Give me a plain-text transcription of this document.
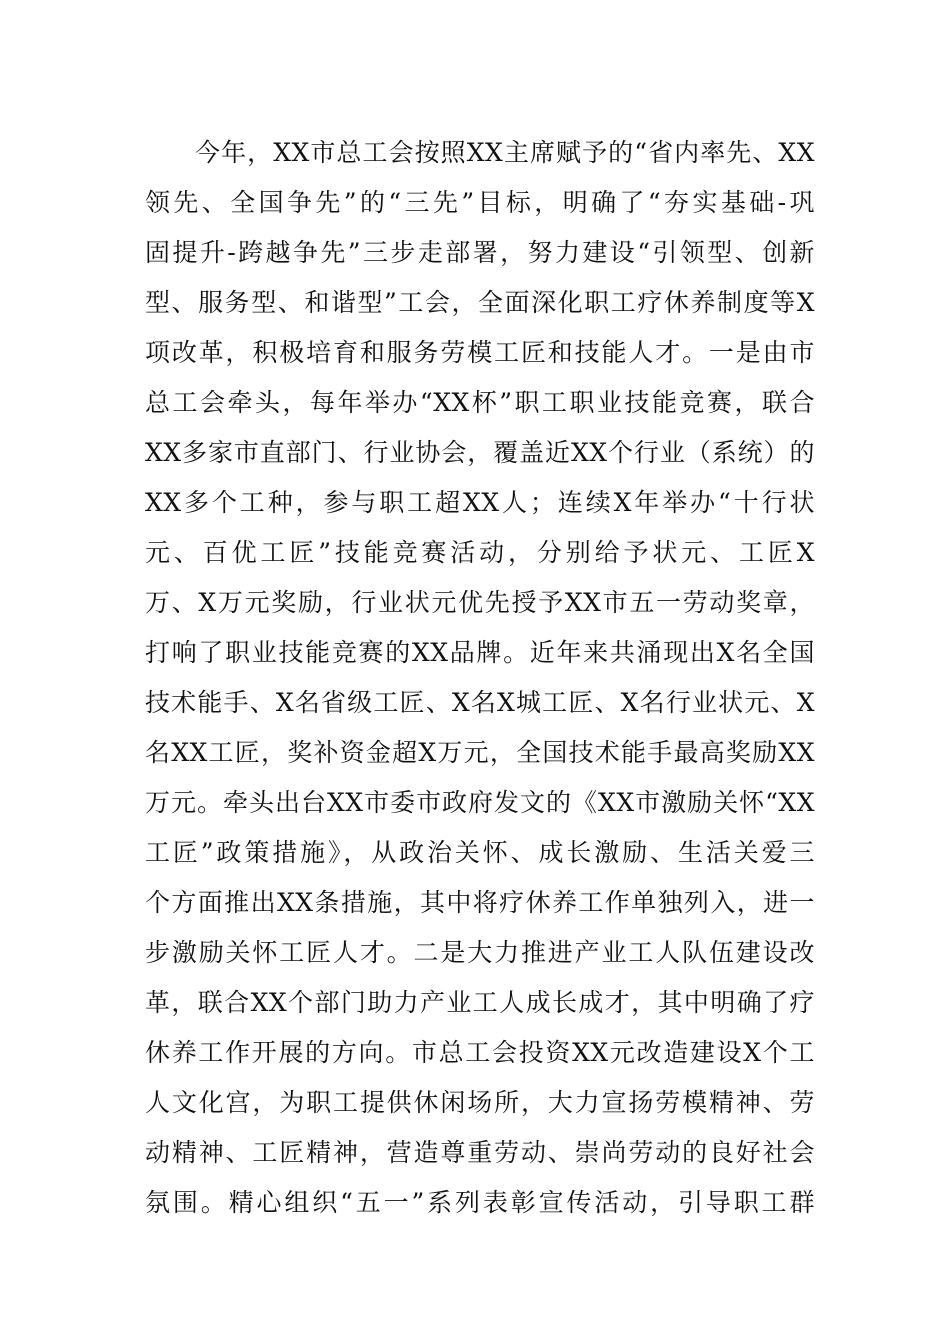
今年，XX市总工会按照XX主席赋予的“省内率先、XX
领先、全国争先”的“三先”目标，明确了“夯实基础-巩
固提升-跨越争先”三步走部署，努力建设“引领型、创新
型、服务型、和谐型”工会，全面深化职工疗休养制度等X
项改革，积极培育和服务劳模工匠和技能人才。一是由市
总工会牵头，每年举办“XX杯”职工职业技能竞赛，联合
XX多家市直部门、行业协会，覆盖近XX个行业（系统）的
XX多个工种，参与职工超XX人；连续X年举办“十行状
元、百优工匠”技能竞赛活动，分别给予状元、工匠X
万、X万元奖励，行业状元优先授予XX市五一劳动奖章，
打响了职业技能竞赛的XX品牌。近年来共涌现出X名全国
技术能手、X名省级工匠、X名X城工匠、X名行业状元、X
名XX工匠，奖补资金超X万元，全国技术能手最高奖励XX
万元。牵头出台XX市委市政府发文的《XX市激励关怀“XX
工匠”政策措施》，从政治关怀、成长激励、生活关爱三
个方面推出XX条措施，其中将疗休养工作单独列入，进一
步激励关怀工匠人才。二是大力推进产业工人队伍建设改
革，联合XX个部门助力产业工人成长成才，其中明确了疗
休养工作开展的方向。市总工会投资XX元改造建设X个工
人文化宫，为职工提供休闲场所，大力宣扬劳模精神、劳
动精神、工匠精神，营造尊重劳动、崇尚劳动的良好社会
氛围。精心组织“五一”系列表彰宣传活动，引导职工群
